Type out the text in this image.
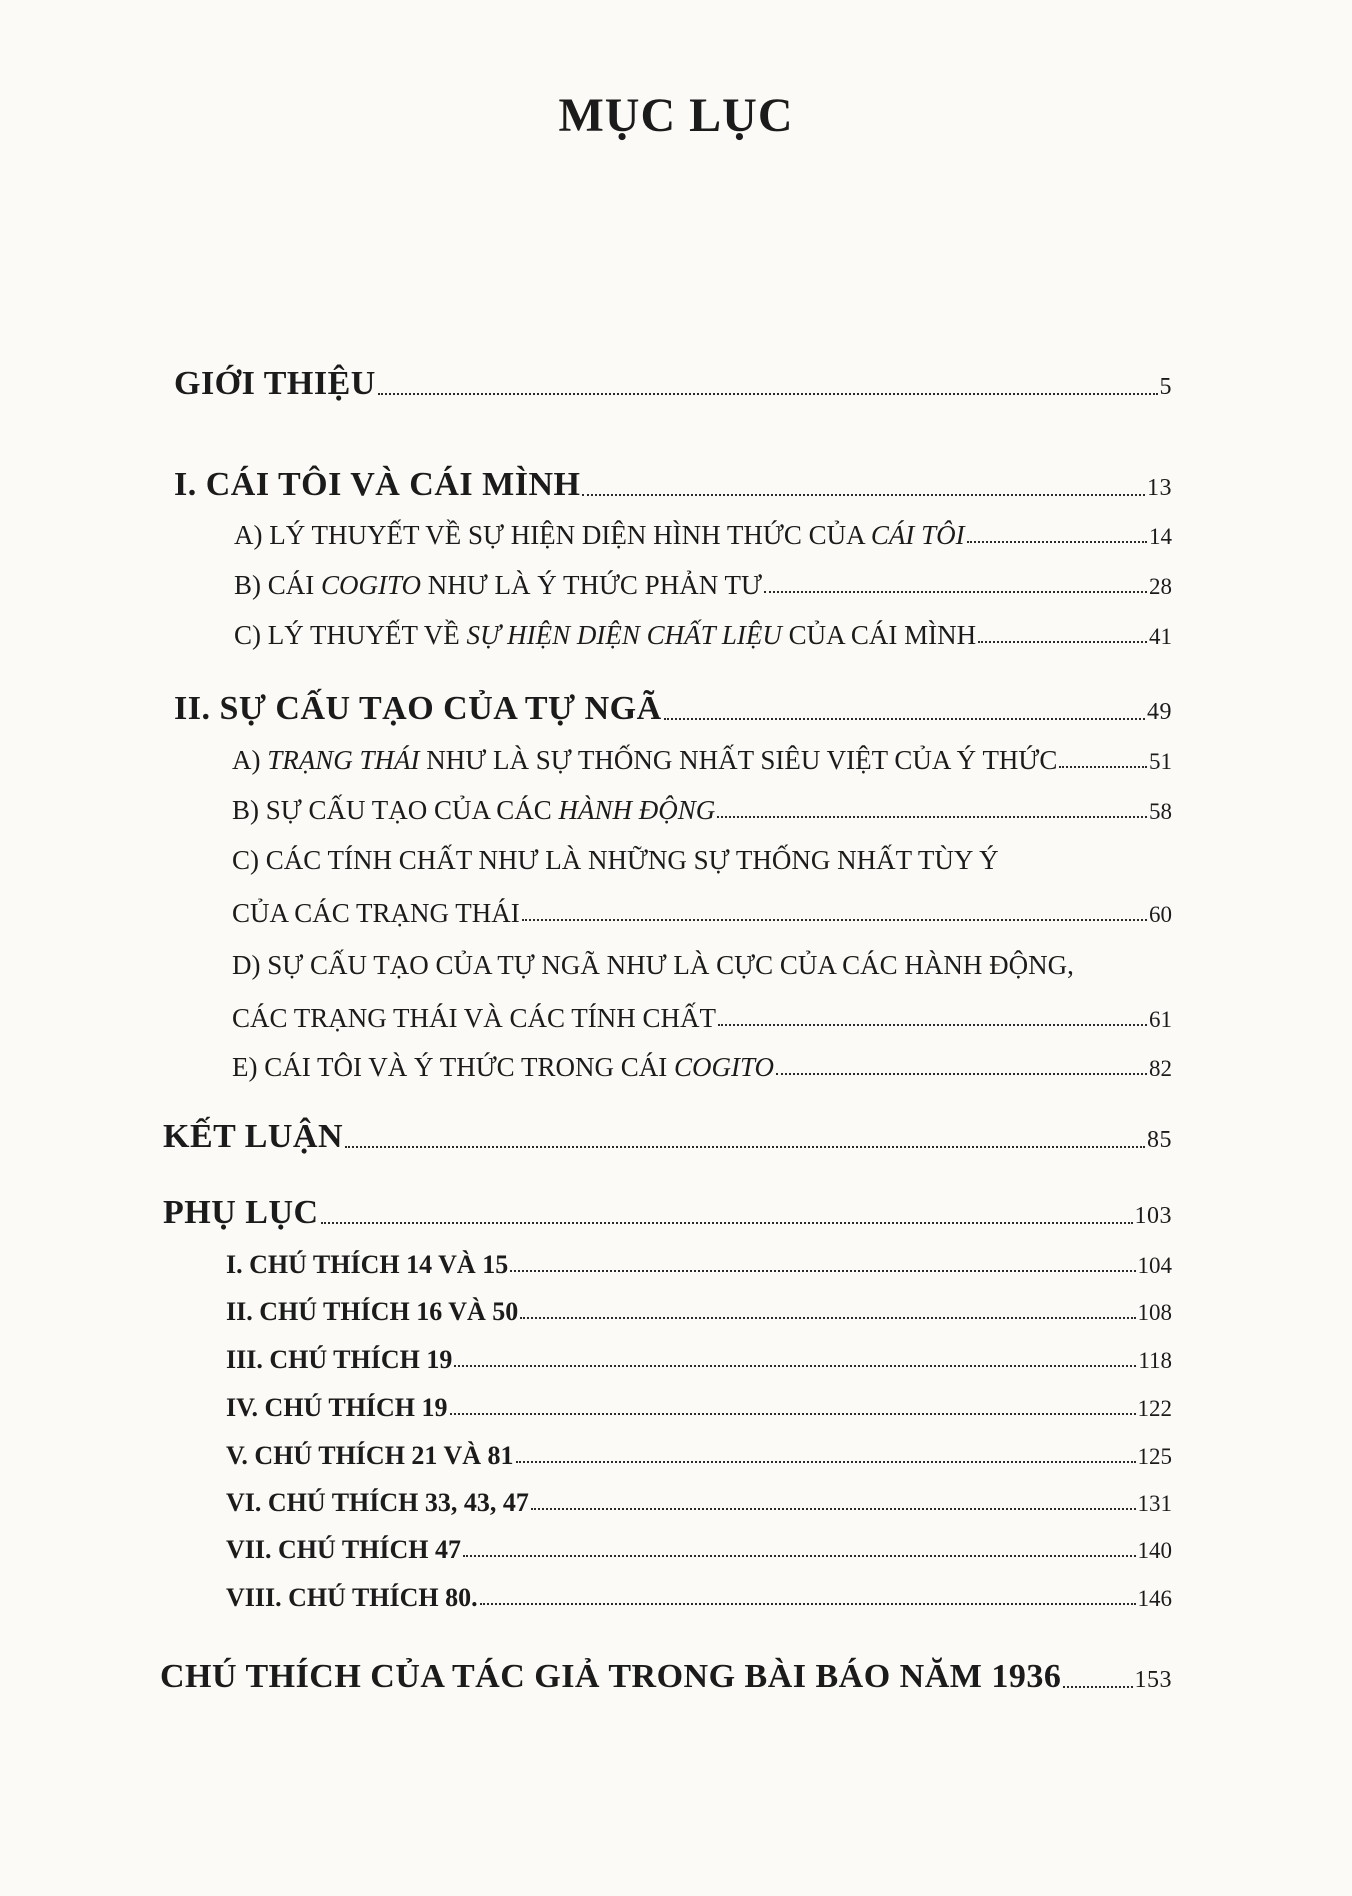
MỤC LỤC
GIỚI THIỆU	5
I. CÁI TÔI VÀ CÁI MÌNH	13
A) LÝ THUYẾT VỀ SỰ HIỆN DIỆN HÌNH THỨC CỦA CÁI TÔI	14
B) CÁI COGITO NHƯ LÀ Ý THỨC PHẢN TƯ	28
C) LÝ THUYẾT VỀ SỰ HIỆN DIỆN CHẤT LIỆU CỦA CÁI MÌNH	41
II. SỰ CẤU TẠO CỦA TỰ NGÃ	49
A) TRẠNG THÁI NHƯ LÀ SỰ THỐNG NHẤT SIÊU VIỆT CỦA Ý THỨC	51
B) SỰ CẤU TẠO CỦA CÁC HÀNH ĐỘNG	58
C) CÁC TÍNH CHẤT NHƯ LÀ NHỮNG SỰ THỐNG NHẤT TÙY Ý
CỦA CÁC TRẠNG THÁI	60
D) SỰ CẤU TẠO CỦA TỰ NGÃ NHƯ LÀ CỰC CỦA CÁC HÀNH ĐỘNG,
CÁC TRẠNG THÁI VÀ CÁC TÍNH CHẤT	61
E) CÁI TÔI VÀ Ý THỨC TRONG CÁI COGITO	82
KẾT LUẬN	85
PHỤ LỤC	103
I. CHÚ THÍCH 14 VÀ 15	104
II. CHÚ THÍCH 16 VÀ 50	108
III. CHÚ THÍCH 19	118
IV. CHÚ THÍCH 19	122
V. CHÚ THÍCH 21 VÀ 81	125
VI. CHÚ THÍCH 33, 43, 47	131
VII. CHÚ THÍCH 47	140
VIII. CHÚ THÍCH 80.	146
CHÚ THÍCH CỦA TÁC GIẢ TRONG BÀI BÁO NĂM 1936	153
